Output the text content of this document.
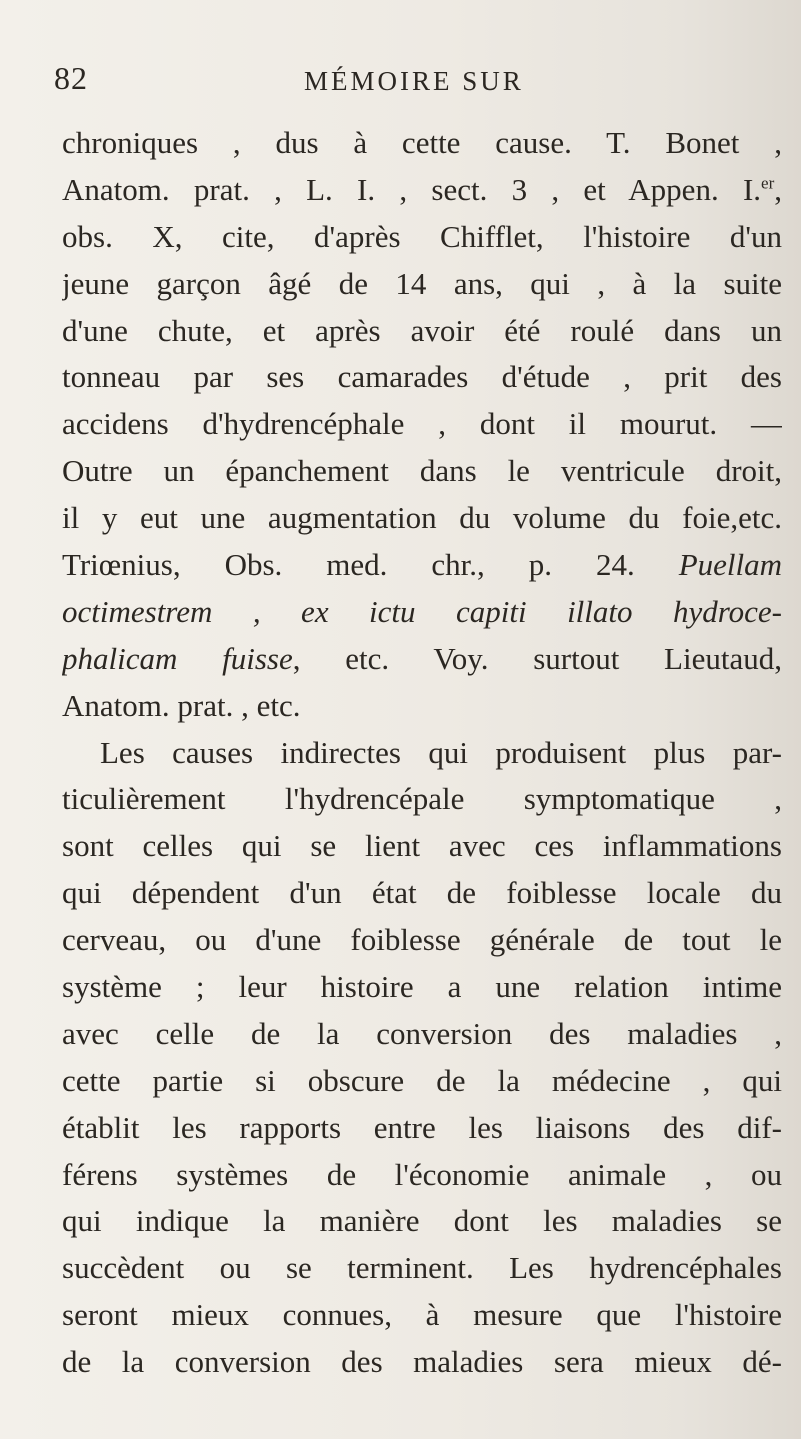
82	MÉMOIRE SUR
chroniques , dus à cette cause. T. Bonet ,
Anatom. prat. , L. I. , sect. 3 , et Appen. I.$^{er}$,
obs. X, cite, d'après Chifflet, l'histoire d'un
jeune garçon âgé de 14 ans, qui , à la suite
d'une chute, et après avoir été roulé dans un
tonneau par ses camarades d'étude , prit des
accidens d'hydrencéphale , dont il mourut. —
Outre un épanchement dans le ventricule droit,
il y eut une augmentation du volume du foie,etc.
Triœnius, Obs. med. chr., p. 24. Puellam
octimestrem , ex ictu capiti illato hydroce-
phalicam fuisse, etc. Voy. surtout Lieutaud,
Anatom. prat. , etc.
Les causes indirectes qui produisent plus par-
ticulièrement l'hydrencépale symptomatique ,
sont celles qui se lient avec ces inflammations
qui dépendent d'un état de foiblesse locale du
cerveau, ou d'une foiblesse générale de tout le
système ; leur histoire a une relation intime
avec celle de la conversion des maladies ,
cette partie si obscure de la médecine , qui
établit les rapports entre les liaisons des dif-
férens systèmes de l'économie animale , ou
qui indique la manière dont les maladies se
succèdent ou se terminent. Les hydrencéphales
seront mieux connues, à mesure que l'histoire
de la conversion des maladies sera mieux dé-
